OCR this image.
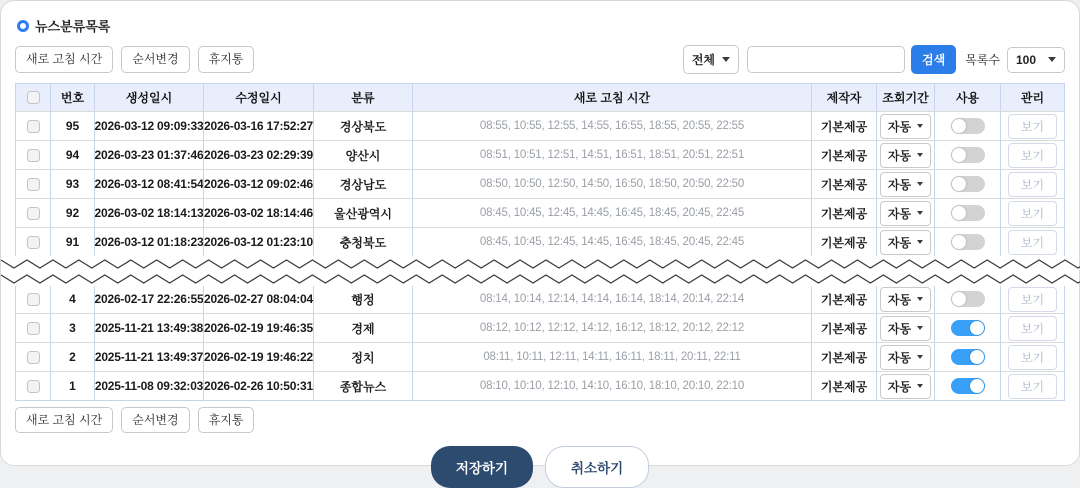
뉴스분류목록
새로 고침 시간	순서변경	휴지통	전체	검색	목록수 100
번호	생성일시	수정일시	분류	새로 고침 시간	제작자	조회기간	사용	관리
95	2026-03-12 09:09:33 2026-03-16 17:52:27	경상북도	08:55, 10:55, 12:55, 14:55, 16:55, 18:55, 20:55, 22:55	기본제공	자동	보기
94	2026-03-23 01:37:46 2026-03-23 02:29:39	양산시	08:51, 10:51, 12:51, 14:51, 16:51, 18:51, 20:51, 22:51	기본제공	자동	보기
93	2026-03-12 08:41:54 2026-03-12 09:02:46	경상남도	08:50, 10:50, 12:50, 14:50, 16:50, 18:50, 20:50, 22:50	기본제공	자동	보기
92	2026-03-02 18:14:13 2026-03-02 18:14:46	울산광역시	08:45, 10:45, 12:45, 14:45, 16:45, 18:45, 20:45, 22:45	기본제공	자동	보기
91	2026-03-12 01:18:23 2026-03-12 01:23:10	충청북도	08:45, 10:45, 12:45, 14:45, 16:45, 18:45, 20:45, 22:45	기본제공	자동	보기
4	2026-02-17 22:26:55 2026-02-27 08:04:04	행정	08:14, 10:14, 12:14, 14:14, 16:14, 18:14, 20:14, 22:14	기본제공	자동	보기
3	2025-11-21 13:49:38 2026-02-19 19:46:35	경제	08:12, 10:12, 12:12, 14:12, 16:12, 18:12, 20:12, 22:12	기본제공	자동	보기
2	2025-11-21 13:49:37 2026-02-19 19:46:22	정치	08:11, 10:11, 12:11, 14:11, 16:11, 18:11, 20:11, 22:11	기본제공	자동	보기
1	2025-11-08 09:32:03 2026-02-26 10:50:31	종합뉴스	08:10, 10:10, 12:10, 14:10, 16:10, 18:10, 20:10, 22:10	기본제공	자동	보기
새로 고침 시간	순서변경	휴지통
저장하기	취소하기
